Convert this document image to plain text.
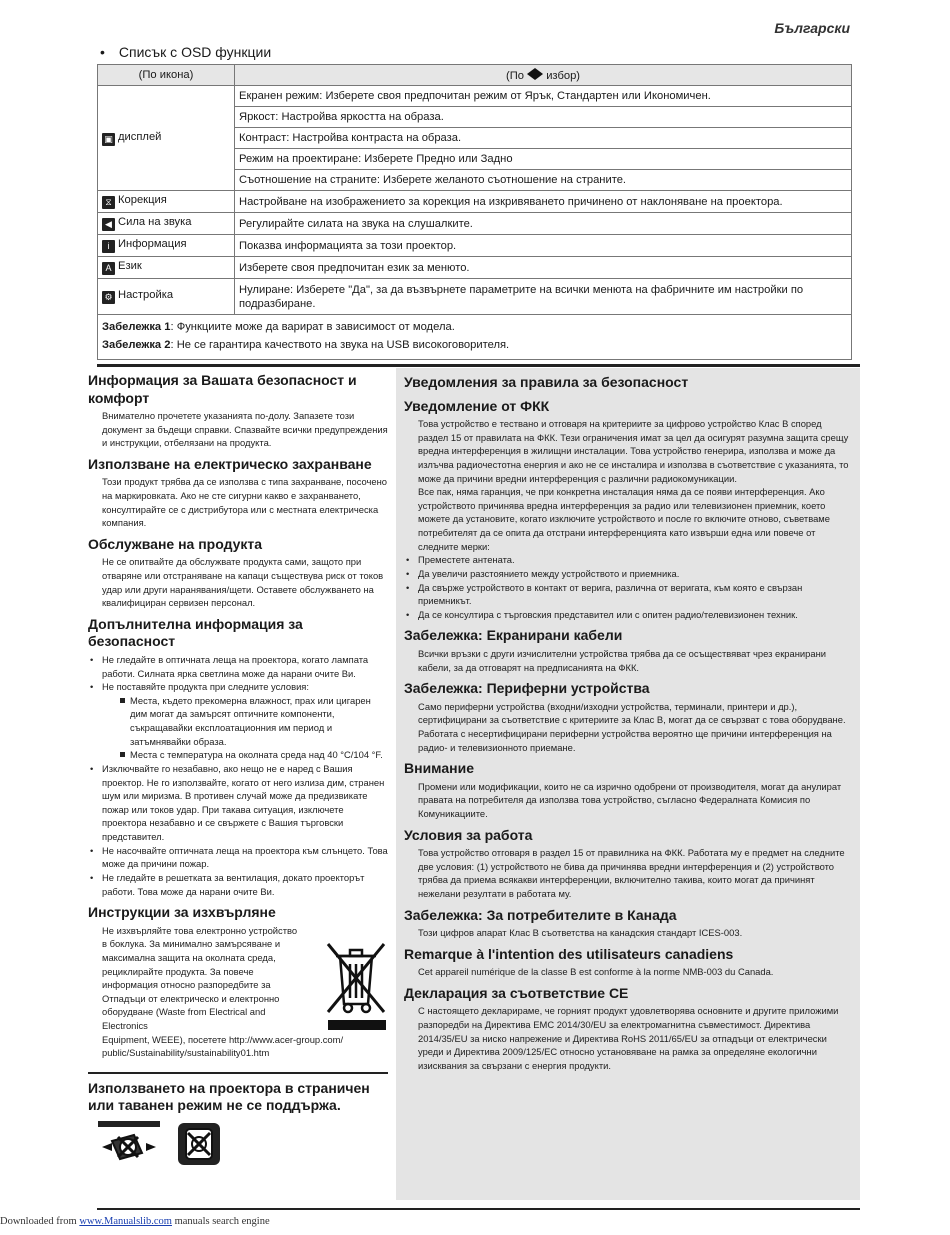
Български
• Списък с OSD функции
(По икона)	(По избор)
▣ дисплей	Екранен режим: Изберете своя предпочитан режим от Ярък, Стандартен или Икономичен.
	Яркост: Настройва яркостта на образа.
	Контраст: Настройва контраста на образа.
	Режим на проектиране: Изберете Предно или Задно
	Съотношение на страните: Изберете желаното съотношение на страните.
⧖ Корекция	Настройване на изображението за корекция на изкривяването причинено от наклоняване на проектора.
◀ Сила на звука	Регулирайте силата на звука на слушалките.
i Информация	Показва информацията за този проектор.
A Език	Изберете своя предпочитан език за менюто.
⚙ Настройка	Нулиране: Изберете "Да", за да възвърнете параметрите на всички менюта на фабричните им настройки по подразбиране.

Забележка 1: Функциите може да варират в зависимост от модела.
Забележка 2: Не се гарантира качеството на звука на USB високоговорителя.	
Информация за Вашата безопасност и комфорт

Внимателно прочетете указанията по-долу. Запазете този документ за бъдещи справки. Спазвайте всички предупреждения и инструкции, отбелязани на продукта.

Използване на електрическо захранване

Този продукт трябва да се използва с типа захранване, посочено на маркировката. Ако не сте сигурни какво е захранването, консултирайте се с дистрибутора или с местната електрическа компания.

Обслужване на продукта

Не се опитвайте да обслужвате продукта сами, защото при отваряне или отстраняване на капаци съществува риск от токов удар или други наранявания/щети. Оставете обслужването на квалифициран сервизен персонал.

Допълнителна информация за безопасност
• Не гледайте в оптичната леща на проектора, когато лампата работи. Силната ярка светлина може да нарани очите Ви.
• Не поставяйте продукта при следните условия:
Места, където прекомерна влажност, прах или цигарен дим могат да замърсят оптичните компоненти, съкращавайки експлоатационния им период и затъмнявайки образа.
Места с температура на околната среда над 40 °C/104 °F.
• Изключвайте го незабавно, ако нещо не е наред с Вашия проектор. Не го използвайте, когато от него излиза дим, странен шум или миризма. В противен случай може да предизвикате пожар или токов удар. При такава ситуация, изключете проектора незабавно и се свържете с Вашия търговски представител.
• Не насочвайте оптичната леща на проектора към слънцето. Това може да причини пожар.
• Не гледайте в решетката за вентилация, докато проекторът работи. Това може да нарани очите Ви.
Инструкции за изхвърляне

Не изхвърляйте това електронно устройство в боклука. За минимално замърсяване и максимална защита на околната среда, рециклирайте продукта. За повече информация относно разпоредбите за Отпадъци от електрическо и електронно оборудване (Waste from Electrical and Electronics

Equipment, WEEE), посетете http://www.acer-group.com/ public/Sustainability/sustainability01.htm

Използването на проектора в страничен или таванен режим не се поддържа.
Уведомления за правила за безопасност
Уведомление от ФКК

Това устройство е тествано и отговаря на критериите за цифрово устройство Клас В според раздел 15 от правилата на ФКК. Тези ограничения имат за цел да осигурят разумна защита срещу вредна интерференция в жилищни инсталации. Това устройство генерира, използва и може да излъчва радиочестотна енергия и ако не се инсталира и използва в съответствие с указанията, то може да причини вредни интерференция с различни радиокомуникации.

Все пак, няма гаранция, че при конкретна инсталация няма да се появи интерференция. Ако устройството причинява вредна интерференция за радио или телевизионен приемник, което можете да установите, когато изключите устройството и после го включите отново, съветваме потребителят да се опита да отстрани интерференцията като извърши една или повече от следните мерки:

• Преместете антената.
• Да увеличи разстоянието между устройството и приемника.
• Да свърже устройството в контакт от верига, различна от веригата, към която е свързан приемникът.
• Да се консултира с търговския представител или с опитен радио/телевизионен техник.
Забележка: Екранирани кабели

Всички връзки с други изчислителни устройства трябва да се осъществяват чрез екранирани кабели, за да отговарят на предписанията на ФКК.

Забележка: Периферни устройства

Само периферни устройства (входни/изходни устройства, терминали, принтери и др.), сертифицирани за съответствие с критериите за Клас В, могат да се свързват с това оборудване. Работата с несертифицирани периферни устройства вероятно ще причини интерференция на радио- и телевизионното приемане.

Внимание

Промени или модификации, които не са изрично одобрени от производителя, могат да анулират правата на потребителя да използва това устройство, съгласно Федералната Комисия по Комуникациите.

Условия за работа

Това устройство отговаря в раздел 15 от правилника на ФКК. Работата му е предмет на следните две условия: (1) устройството не бива да причинява вредни интерференция и (2) устройството трябва да приема всякакви интерференции, включително такива, които могат да причинят нежелани резултати в работата му.

Забележка: За потребителите в Канада

Този цифров апарат Клас В съответства на канадския стандарт ICES-003.

Remarque à l'intention des utilisateurs canadiens

Cet appareil numérique de la classe B est conforme à la norme NMB-003 du Canada.

Декларация за съответствие CE

С настоящето декларираме, че горният продукт удовлетворява основните и другите приложими разпоредби на Директива EMC 2014/30/EU за електромагнитна съвместимост. Директива 2014/35/EU за ниско напрежение и Директива RoHS 2011/65/EU за отпадъци от електрически уреди и Директива 2009/125/EC относно установяване на рамка за определяне екологични изисквания за свързани с енергия продукти.

Downloaded from www.Manualslib.com manuals search engine
